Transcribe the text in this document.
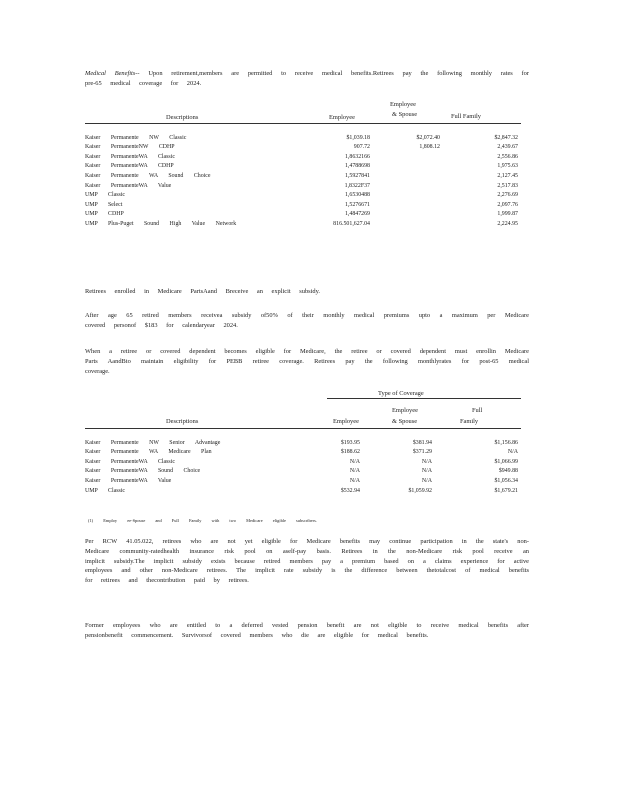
Medical Benefits-- Upon retirement,members are permitted to receive medical benefits.Retirees pay the following monthly rates for pre-65 medical coverage for 2024.
Employee
Descriptions	Employee	& Spouse	Full Family
Kaiser Permanente NW Classic	$1,039.18	$2,072.40	$2,847.32
Kaiser PermanenteNW CDHP	907.72	1,808.12	2,439.67
Kaiser PermanenteWA Classic	1,8632166		2,556.86
Kaiser PermanenteWA CDHP	1,4788698		1,975.63
Kaiser Permanente WA Sound Choice	1,5927841		2,127.45
Kaiser PermanenteWA Value	1,8322F37		2,517.83
UMP Classic	1,6530488		2,276.69
UMP Select	1,5276671		2,097.76
UMP CDHP	1,4847269		1,999.87
UMP Plus-Puget Sound High Value Network	816.501,627.04		2,224.95
Retirees enrolled in Medicare PartsAand Breceive an explicit subsidy.
After age 65 retired members receivea subsidy of50% of their monthly medical premiums upto a maximum per Medicare covered personof $183 for calendaryear 2024.
When a retiree or covered dependent becomes eligible for Medicare, the retiree or covered dependent must enrollin Medicare Parts AandBto maintain eligibility for PEBB retiree coverage. Retirees pay the following monthlyrates for post-65 medical coverage.
Type of Coverage
Employee	Full
Descriptions	Employee	& Spouse	Family
Kaiser Permanente NW Senior Advantage	$193.95	$381.94	$1,156.86
Kaiser Permanente WA Medicare Plan	$188.62	$371.29	N/A
Kaiser PermanenteWA Classic	N/A	N/A	$1,066.99
Kaiser PermanenteWA Sound Choice	N/A	N/A	$949.88
Kaiser PermanenteWA Value	N/A	N/A	$1,056.34
UMP Classic	$532.94	$1,059.92	$1,679.21
(1) Employ ee-Spouse and Full Family with two Medicare eligible subscribers.
Per RCW 41.05.022, retirees who are not yet eligible for Medicare benefits may continue participation in the state's non-Medicare community-ratedhealth insurance risk pool on aself-pay basis. Retirees in the non-Medicare risk pool receive an implicit subsidy.The implicit subsidy exists because retired members pay a premium based on a claims experience for active employees and other non-Medicare retirees. The implicit rate subsidy is the difference between thetotalcost of medical benefits for retirees and thecontribution paid by retirees.
Former employees who are entitled to a deferred vested pension benefit are not eligible to receive medical benefits after pensionbenefit commencement. Survivorsof covered members who die are eligible for medical benefits.
